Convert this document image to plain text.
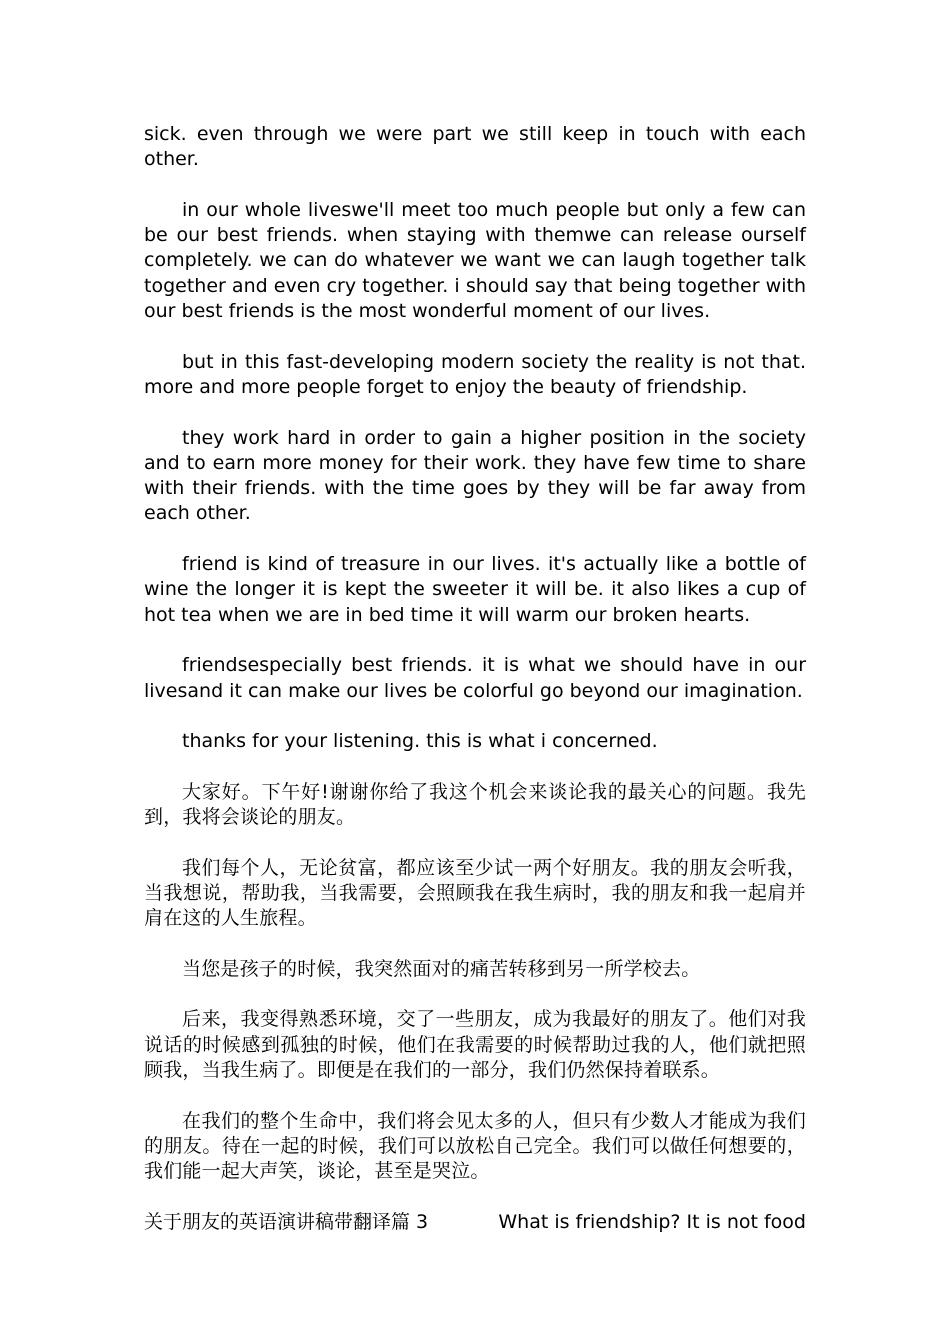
sick. even through we were part we still keep in touch with each other.

in our whole liveswe'll meet too much people but only a few can be our best friends. when staying with themwe can release ourself completely. we can do whatever we want we can laugh together talk together and even cry together. i should say that being together with our best friends is the most wonderful moment of our lives.

but in this fast-developing modern society the reality is not that. more and more people forget to enjoy the beauty of friendship.

they work hard in order to gain a higher position in the society and to earn more money for their work. they have few time to share with their friends. with the time goes by they will be far away from each other.

friend is kind of treasure in our lives. it's actually like a bottle of wine the longer it is kept the sweeter it will be. it also likes a cup of hot tea when we are in bed time it will warm our broken hearts.

friendsespecially best friends. it is what we should have in our livesand it can make our lives be colorful go beyond our imagination.

thanks for your listening. this is what i concerned.

大家好。下午好!谢谢你给了我这个机会来谈论我的最关心的问题。我先到，我将会谈论的朋友。

我们每个人，无论贫富，都应该至少试一两个好朋友。我的朋友会听我，当我想说，帮助我，当我需要，会照顾我在我生病时，我的朋友和我一起肩并肩在这的人生旅程。

当您是孩子的时候，我突然面对的痛苦转移到另一所学校去。

后来，我变得熟悉环境，交了一些朋友，成为我最好的朋友了。他们对我说话的时候感到孤独的时候，他们在我需要的时候帮助过我的人，他们就把照顾我，当我生病了。即便是在我们的一部分，我们仍然保持着联系。

在我们的整个生命中，我们将会见太多的人，但只有少数人才能成为我们的朋友。待在一起的时候，我们可以放松自己完全。我们可以做任何想要的，我们能一起大声笑，谈论，甚至是哭泣。

关于朋友的英语演讲稿带翻译篇 3	What is friendship? It is not food
